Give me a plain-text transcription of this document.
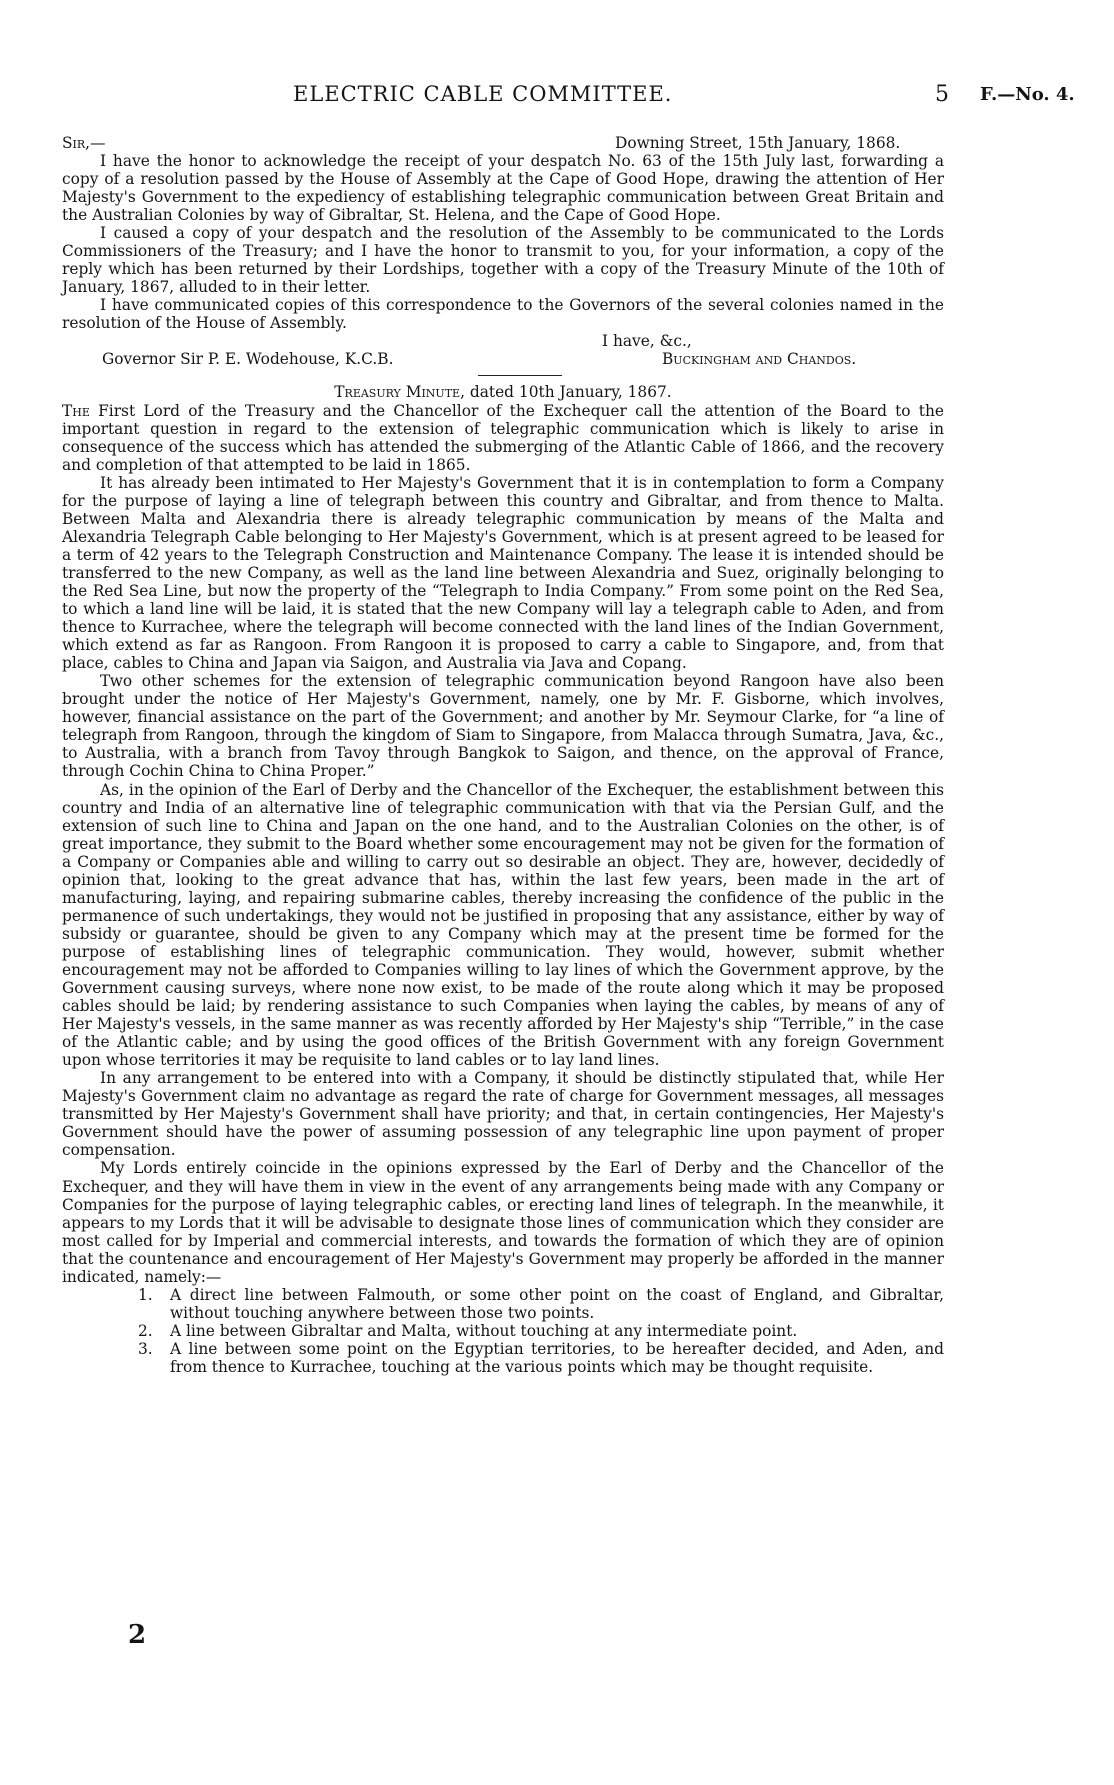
ELECTRIC CABLE COMMITTEE.	5 F.—No. 4.
Sir,—	Downing Street, 15th January, 1868.

I have the honor to acknowledge the receipt of your despatch No. 63 of the 15th July last, forwarding a copy of a resolution passed by the House of Assembly at the Cape of Good Hope, drawing the attention of Her Majesty's Government to the expediency of establishing telegraphic communication between Great Britain and the Australian Colonies by way of Gibraltar, St. Helena, and the Cape of Good Hope.

I caused a copy of your despatch and the resolution of the Assembly to be communicated to the Lords Commissioners of the Treasury; and I have the honor to transmit to you, for your information, a copy of the reply which has been returned by their Lordships, together with a copy of the Treasury Minute of the 10th of January, 1867, alluded to in their letter.

I have communicated copies of this correspondence to the Governors of the several colonies named in the resolution of the House of Assembly.

I have, &c.,
Governor Sir P. E. Wodehouse, K.C.B.	Buckingham and Chandos.

Treasury Minute, dated 10th January, 1867.

The First Lord of the Treasury and the Chancellor of the Exchequer call the attention of the Board to the important question in regard to the extension of telegraphic communication which is likely to arise in consequence of the success which has attended the submerging of the Atlantic Cable of 1866, and the recovery and completion of that attempted to be laid in 1865.

It has already been intimated to Her Majesty's Government that it is in contemplation to form a Company for the purpose of laying a line of telegraph between this country and Gibraltar, and from thence to Malta. Between Malta and Alexandria there is already telegraphic communication by means of the Malta and Alexandria Telegraph Cable belonging to Her Majesty's Government, which is at present agreed to be leased for a term of 42 years to the Telegraph Construction and Maintenance Company. The lease it is intended should be transferred to the new Company, as well as the land line between Alexandria and Suez, originally belonging to the Red Sea Line, but now the property of the “Telegraph to India Company.” From some point on the Red Sea, to which a land line will be laid, it is stated that the new Company will lay a telegraph cable to Aden, and from thence to Kurrachee, where the telegraph will become connected with the land lines of the Indian Government, which extend as far as Rangoon. From Rangoon it is proposed to carry a cable to Singapore, and, from that place, cables to China and Japan via Saigon, and Australia via Java and Copang.

Two other schemes for the extension of telegraphic communication beyond Rangoon have also been brought under the notice of Her Majesty's Government, namely, one by Mr. F. Gisborne, which involves, however, financial assistance on the part of the Government; and another by Mr. Seymour Clarke, for “a line of telegraph from Rangoon, through the kingdom of Siam to Singapore, from Malacca through Sumatra, Java, &c., to Australia, with a branch from Tavoy through Bangkok to Saigon, and thence, on the approval of France, through Cochin China to China Proper.”

As, in the opinion of the Earl of Derby and the Chancellor of the Exchequer, the establishment between this country and India of an alternative line of telegraphic communication with that via the Persian Gulf, and the extension of such line to China and Japan on the one hand, and to the Australian Colonies on the other, is of great importance, they submit to the Board whether some encouragement may not be given for the formation of a Company or Companies able and willing to carry out so desirable an object. They are, however, decidedly of opinion that, looking to the great advance that has, within the last few years, been made in the art of manufacturing, laying, and repairing submarine cables, thereby increasing the confidence of the public in the permanence of such undertakings, they would not be justified in proposing that any assistance, either by way of subsidy or guarantee, should be given to any Company which may at the present time be formed for the purpose of establishing lines of telegraphic communication. They would, however, submit whether encouragement may not be afforded to Companies willing to lay lines of which the Government approve, by the Government causing surveys, where none now exist, to be made of the route along which it may be proposed cables should be laid; by rendering assistance to such Companies when laying the cables, by means of any of Her Majesty's vessels, in the same manner as was recently afforded by Her Majesty's ship “Terrible,” in the case of the Atlantic cable; and by using the good offices of the British Government with any foreign Government upon whose territories it may be requisite to land cables or to lay land lines.

In any arrangement to be entered into with a Company, it should be distinctly stipulated that, while Her Majesty's Government claim no advantage as regard the rate of charge for Government messages, all messages transmitted by Her Majesty's Government shall have priority; and that, in certain contingencies, Her Majesty's Government should have the power of assuming possession of any telegraphic line upon payment of proper compensation.

My Lords entirely coincide in the opinions expressed by the Earl of Derby and the Chancellor of the Exchequer, and they will have them in view in the event of any arrangements being made with any Company or Companies for the purpose of laying telegraphic cables, or erecting land lines of telegraph. In the meanwhile, it appears to my Lords that it will be advisable to designate those lines of communication which they consider are most called for by Imperial and commercial interests, and towards the formation of which they are of opinion that the countenance and encouragement of Her Majesty's Government may properly be afforded in the manner indicated, namely:—

1. A direct line between Falmouth, or some other point on the coast of England, and Gibraltar, without touching anywhere between those two points.

2. A line between Gibraltar and Malta, without touching at any intermediate point.

3. A line between some point on the Egyptian territories, to be hereafter decided, and Aden, and from thence to Kurrachee, touching at the various points which may be thought requisite.

2
